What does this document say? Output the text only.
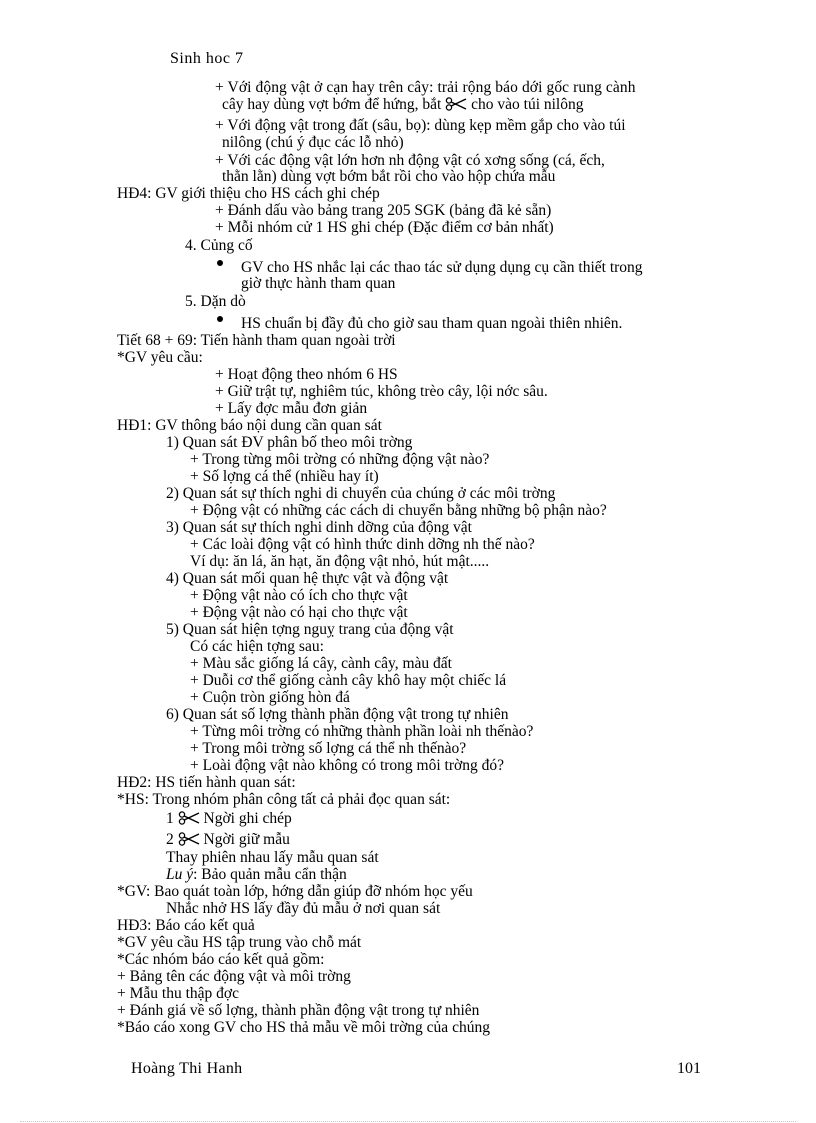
Sinh hoc 7
+ Với động vật ở cạn hay trên cây: trải rộng báo dới gốc rung cành
cây hay dùng vợt bớm để hứng, bắt cho vào túi nilông
+ Với động vật trong đất (sâu, bọ): dùng kẹp mềm gắp cho vào túi
nilông (chú ý đục các lỗ nhỏ)
+ Với các động vật lớn hơn nh động vật có xơng sống (cá, ếch,
thằn lằn) dùng vợt bớm bắt rồi cho vào hộp chứa mẫu
HĐ4: GV giới thiệu cho HS cách ghi chép
+ Đánh dấu vào bảng trang 205 SGK (bảng đã kẻ sẵn)
+ Mỗi nhóm cử 1 HS ghi chép (Đặc điểm cơ bản nhất)
4. Củng cố
GV cho HS nhắc lại các thao tác sử dụng dụng cụ cần thiết trong
giờ thực hành tham quan
5. Dặn dò
HS chuẩn bị đầy đủ cho giờ sau tham quan ngoài thiên nhiên.
Tiết 68 + 69: Tiến hành tham quan ngoài trời
*GV yêu cầu:
+ Hoạt động theo nhóm 6 HS
+ Giữ trật tự, nghiêm túc, không trèo cây, lội nớc sâu.
+ Lấy đợc mẫu đơn giản
HĐ1: GV thông báo nội dung cần quan sát
1) Quan sát ĐV phân bố theo môi trờng
+ Trong từng môi trờng có những động vật nào?
+ Số lợng cá thể (nhiều hay ít)
2) Quan sát sự thích nghi di chuyển của chúng ở các môi trờng
+ Động vật có những các cách di chuyển bằng những bộ phận nào?
3) Quan sát sự thích nghi dinh dỡng của động vật
+ Các loài động vật có hình thức dinh dỡng nh thế nào?
Ví dụ: ăn lá, ăn hạt, ăn động vật nhỏ, hút mật.....
4) Quan sát mối quan hệ thực vật và động vật
+ Động vật nào có ích cho thực vật
+ Động vật nào có hại cho thực vật
5) Quan sát hiện tợng nguỵ trang của động vật
Có các hiện tợng sau:
+ Màu sắc giống lá cây, cành cây, màu đất
+ Duỗi cơ thể giống cành cây khô hay một chiếc lá
+ Cuộn tròn giống hòn đá
6) Quan sát số lợng thành phần động vật trong tự nhiên
+ Từng môi trờng có những thành phần loài nh thếnào?
+ Trong môi trờng số lợng cá thể nh thếnào?
+ Loài động vật nào không có trong môi trờng đó?
HĐ2: HS tiến hành quan sát:
*HS: Trong nhóm phân công tất cả phải đọc quan sát:
1 Ngời ghi chép
2 Ngời giữ mẫu
Thay phiên nhau lấy mẫu quan sát
Lu ý: Bảo quản mẫu cẩn thận
*GV: Bao quát toàn lớp, hớng dẫn giúp đỡ nhóm học yếu
Nhắc nhở HS lấy đầy đủ mẫu ở nơi quan sát
HĐ3: Báo cáo kết quả
*GV yêu cầu HS tập trung vào chỗ mát
*Các nhóm báo cáo kết quả gồm:
+ Bảng tên các động vật và môi trờng
+ Mẫu thu thập đợc
+ Đánh giá về số lợng, thành phần động vật trong tự nhiên
*Báo cáo xong GV cho HS thả mẫu về môi trờng của chúng
Hoàng Thi Hanh	101
